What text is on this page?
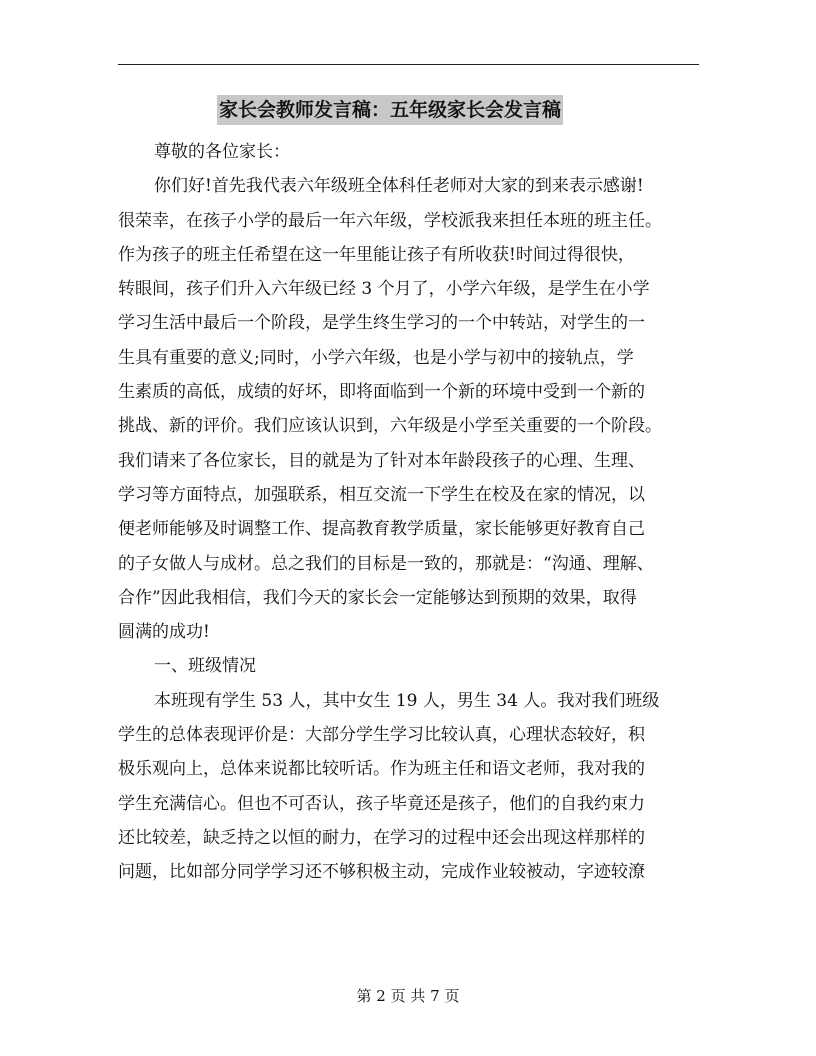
家长会教师发言稿：五年级家长会发言稿
尊敬的各位家长：
你们好!首先我代表六年级班全体科任老师对大家的到来表示感谢!
很荣幸，在孩子小学的最后一年六年级，学校派我来担任本班的班主任。
作为孩子的班主任希望在这一年里能让孩子有所收获!时间过得很快，
转眼间，孩子们升入六年级已经 3 个月了，小学六年级，是学生在小学
学习生活中最后一个阶段，是学生终生学习的一个中转站，对学生的一
生具有重要的意义;同时，小学六年级，也是小学与初中的接轨点，学
生素质的高低，成绩的好坏，即将面临到一个新的环境中受到一个新的
挑战、新的评价。我们应该认识到，六年级是小学至关重要的一个阶段。
我们请来了各位家长，目的就是为了针对本年龄段孩子的心理、生理、
学习等方面特点，加强联系，相互交流一下学生在校及在家的情况，以
便老师能够及时调整工作、提高教育教学质量，家长能够更好教育自己
的子女做人与成材。总之我们的目标是一致的，那就是：“沟通、理解、
合作”因此我相信，我们今天的家长会一定能够达到预期的效果，取得
圆满的成功!
一、班级情况
本班现有学生 53 人，其中女生 19 人，男生 34 人。我对我们班级
学生的总体表现评价是：大部分学生学习比较认真，心理状态较好，积
极乐观向上，总体来说都比较听话。作为班主任和语文老师，我对我的
学生充满信心。但也不可否认，孩子毕竟还是孩子，他们的自我约束力
还比较差，缺乏持之以恒的耐力，在学习的过程中还会出现这样那样的
问题，比如部分同学学习还不够积极主动，完成作业较被动，字迹较潦
第 2 页 共 7 页
